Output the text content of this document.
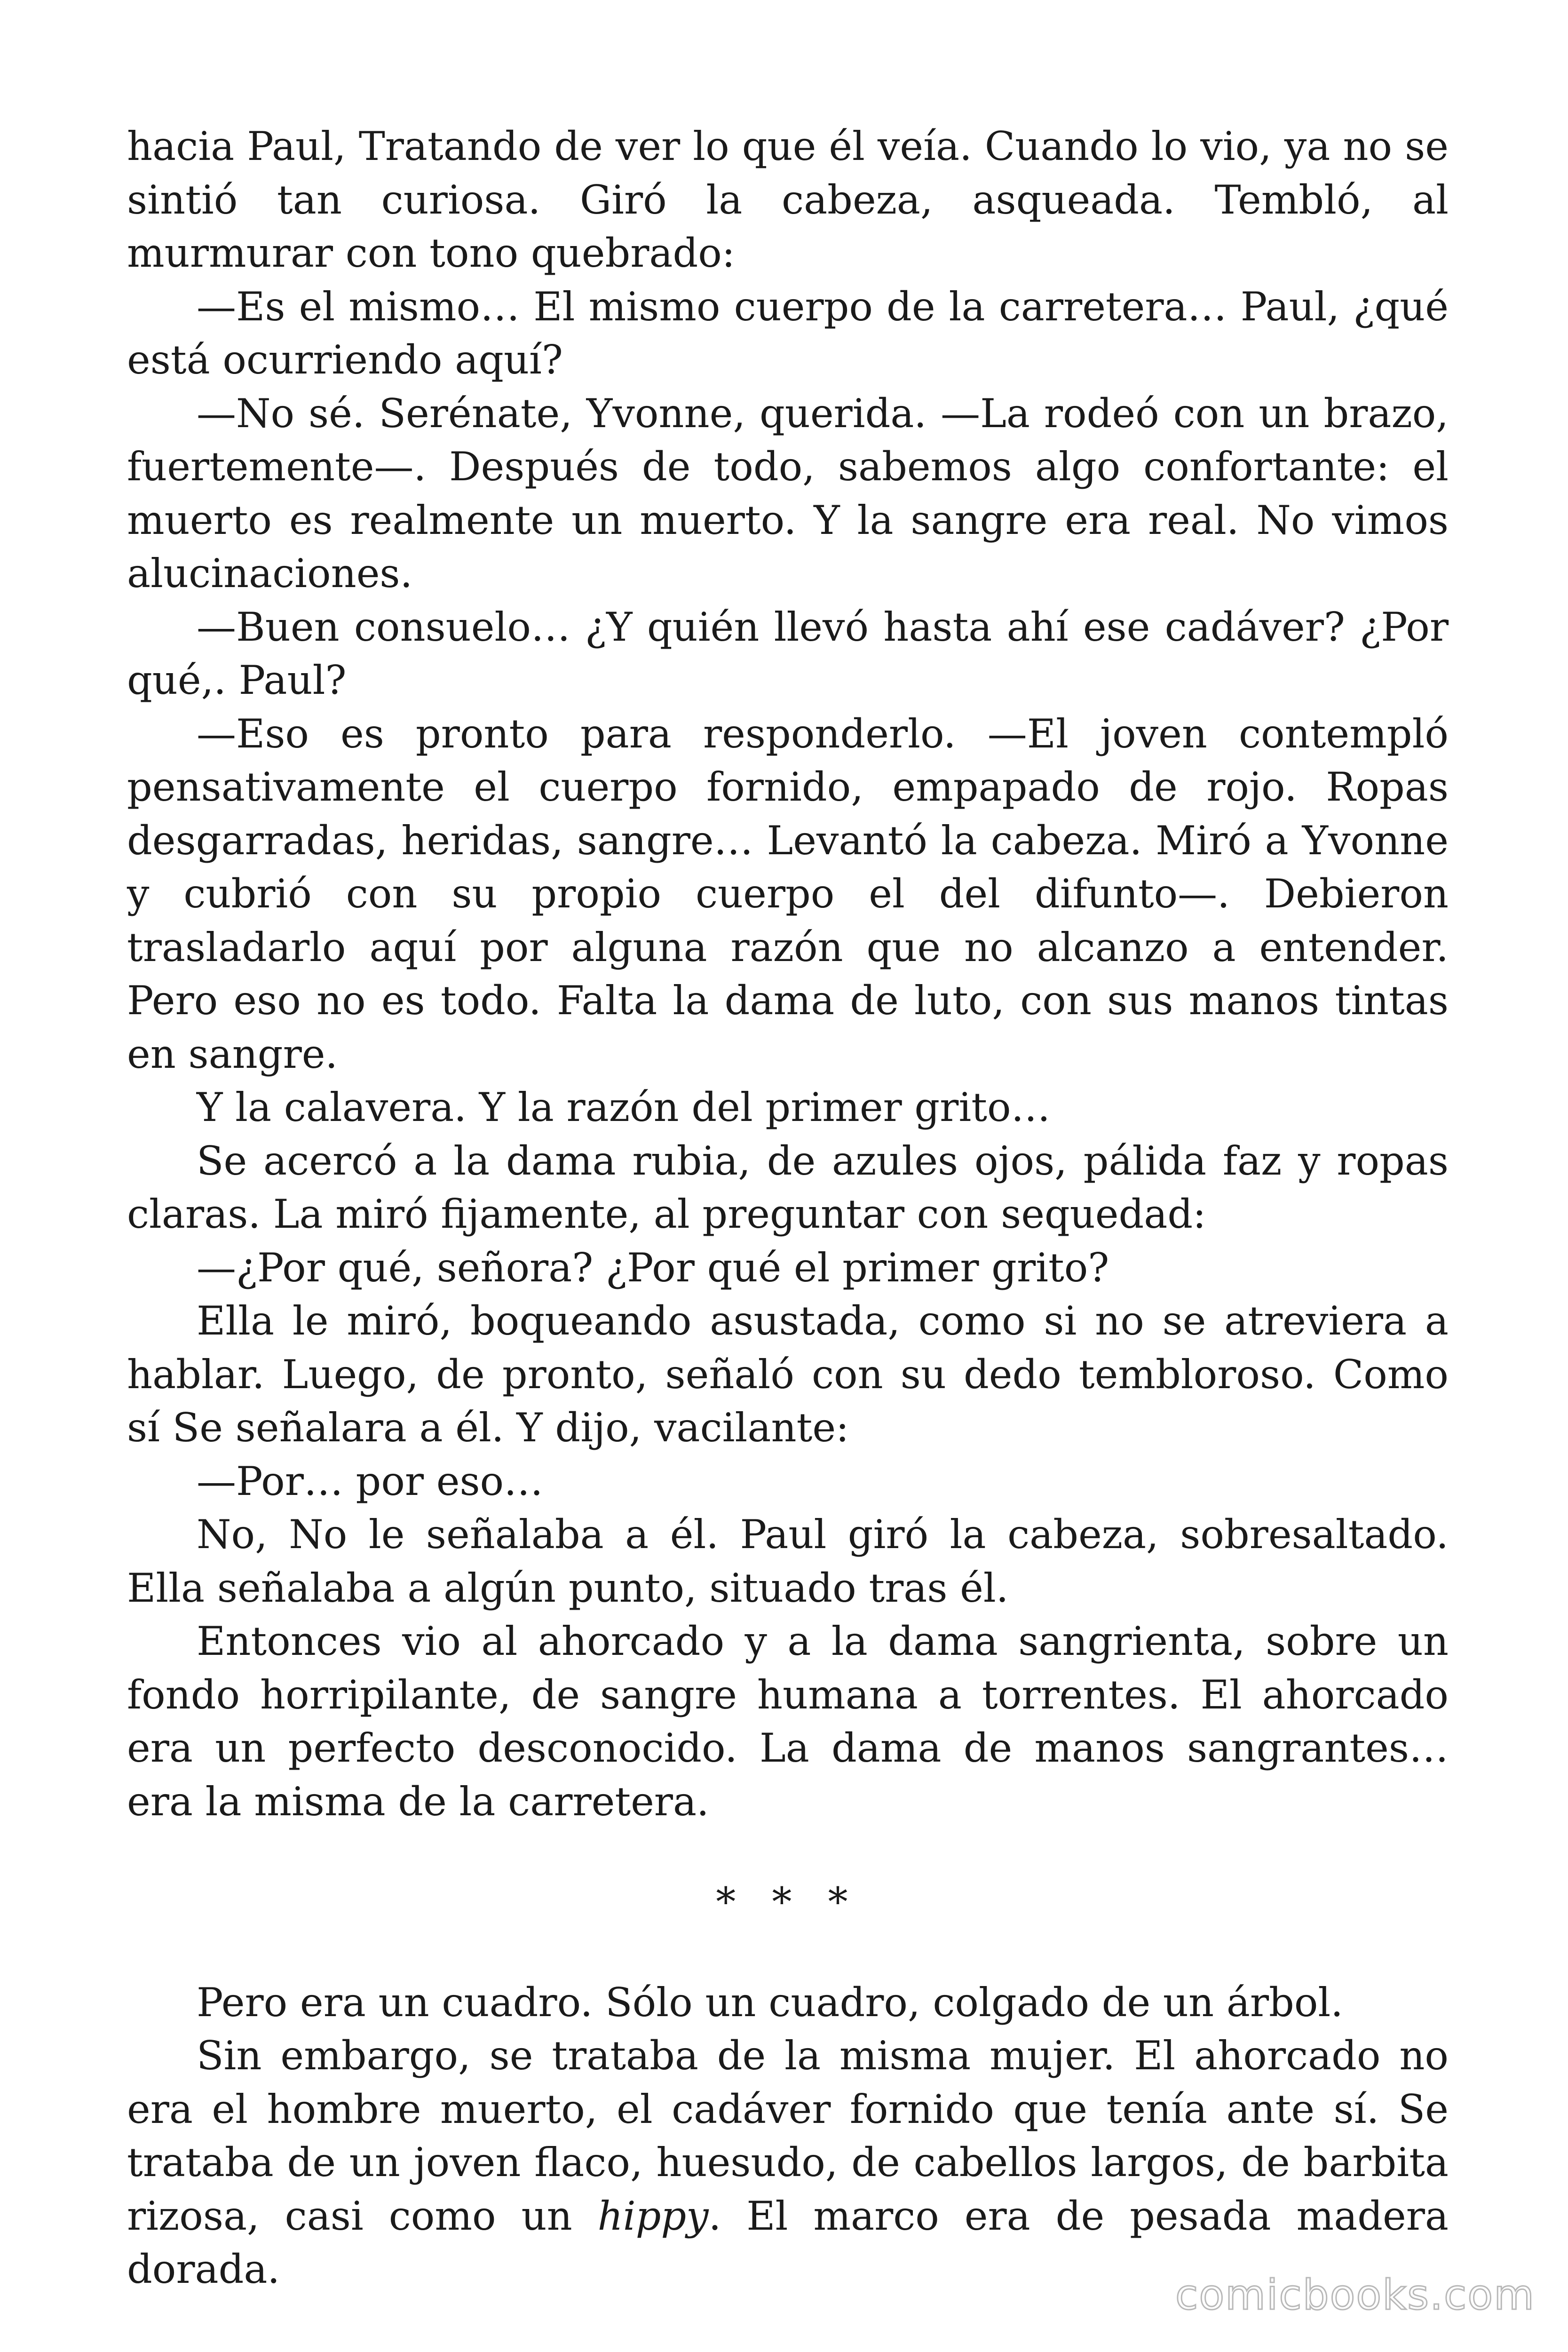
hacia Paul, Tratando de ver lo que él veía. Cuando lo vio, ya no se sintió tan curiosa. Giró la cabeza, asqueada. Tembló, al murmurar con tono quebrado:

—Es el mismo… El mismo cuerpo de la carretera… Paul, ¿qué está ocurriendo aquí?

—No sé. Serénate, Yvonne, querida. —La rodeó con un brazo, fuertemente—. Después de todo, sabemos algo confortante: el muerto es realmente un muerto. Y la sangre era real. No vimos alucinaciones.

—Buen consuelo… ¿Y quién llevó hasta ahí ese cadáver? ¿Por qué,. Paul?

—Eso es pronto para responderlo. —El joven contempló pensativamente el cuerpo fornido, empapado de rojo. Ropas desgarradas, heridas, sangre… Levantó la cabeza. Miró a Yvonne y cubrió con su propio cuerpo el del difunto—. Debieron trasladarlo aquí por alguna razón que no alcanzo a entender. Pero eso no es todo. Falta la dama de luto, con sus manos tintas en sangre.

Y la calavera. Y la razón del primer grito…

Se acercó a la dama rubia, de azules ojos, pálida faz y ropas claras. La miró fijamente, al preguntar con sequedad:

—¿Por qué, señora? ¿Por qué el primer grito?

Ella le miró, boqueando asustada, como si no se atreviera a hablar. Luego, de pronto, señaló con su dedo tembloroso. Como sí Se señalara a él. Y dijo, vacilante:

—Por… por eso…

No, No le señalaba a él. Paul giró la cabeza, sobresaltado. Ella señalaba a algún punto, situado tras él.

Entonces vio al ahorcado y a la dama sangrienta, sobre un fondo horripilante, de sangre humana a torrentes. El ahorcado era un perfecto desconocido. La dama de manos sangrantes… era la misma de la carretera.

* * *

Pero era un cuadro. Sólo un cuadro, colgado de un árbol.

Sin embargo, se trataba de la misma mujer. El ahorcado no era el hombre muerto, el cadáver fornido que tenía ante sí. Se trataba de un joven flaco, huesudo, de cabellos largos, de barbita rizosa, casi como un hippy. El marco era de pesada madera dorada.

comicbooks.com
